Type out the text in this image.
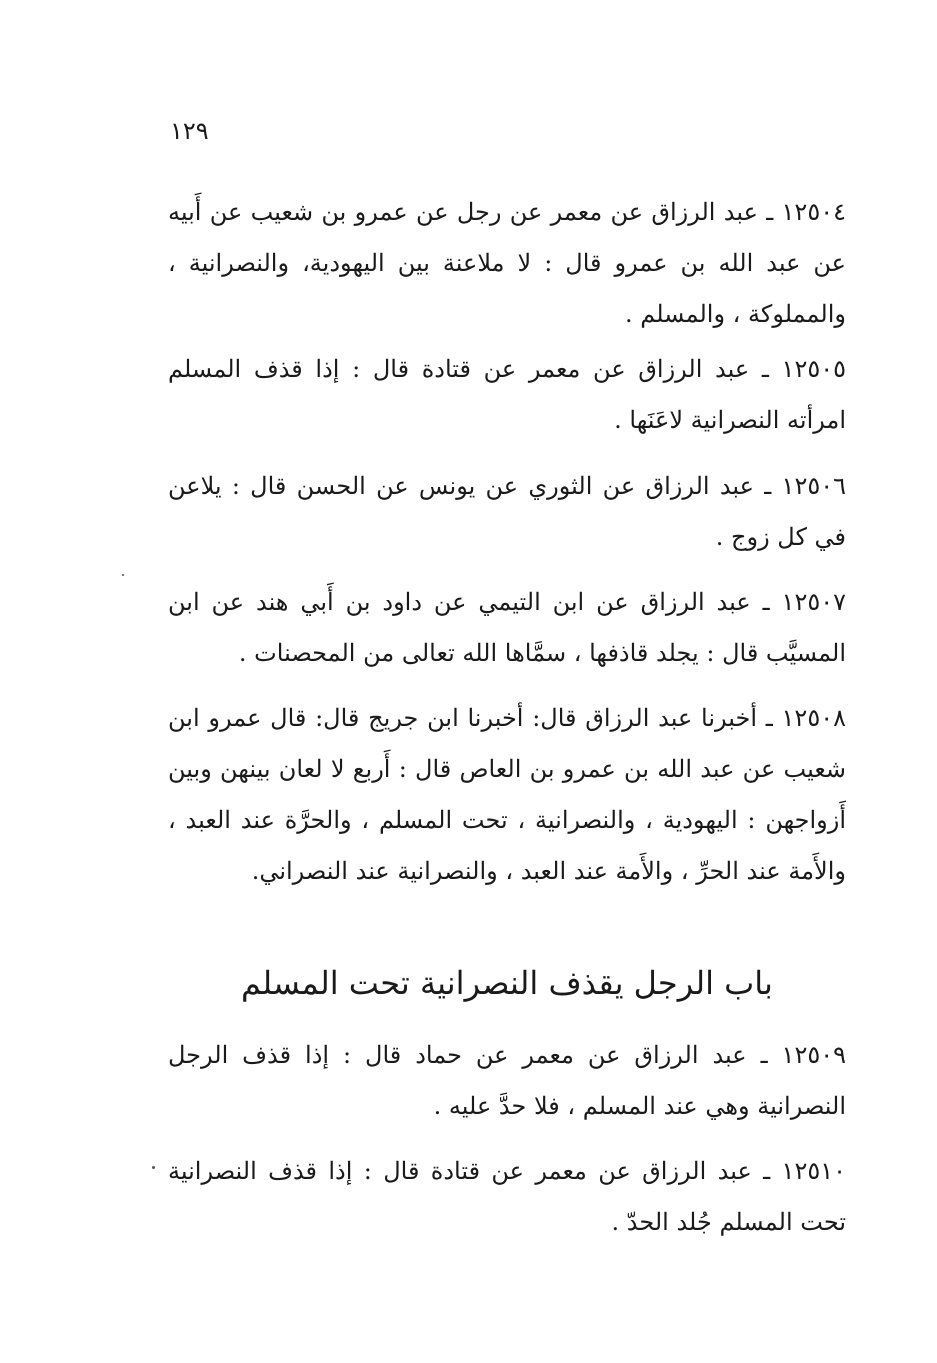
١٢٩

١٢٥٠٤ ـ عبد الرزاق عن معمر عن رجل عن عمرو بن شعيب عن أَبيه عن عبد الله بن عمرو قال : لا ملاعنة بين اليهودية، والنصرانية ، والمملوكة ، والمسلم .

١٢٥٠٥ ـ عبد الرزاق عن معمر عن قتادة قال : إذا قذف المسلم امرأته النصرانية لاعَنَها .

١٢٥٠٦ ـ عبد الرزاق عن الثوري عن يونس عن الحسن قال : يلاعن في كل زوج .

١٢٥٠٧ ـ عبد الرزاق عن ابن التيمي عن داود بن أَبي هند عن ابن المسيَّب قال : يجلد قاذفها ، سمَّاها الله تعالى من المحصنات .

١٢٥٠٨ ـ أخبرنا عبد الرزاق قال: أخبرنا ابن جريج قال: قال عمرو ابن شعيب عن عبد الله بن عمرو بن العاص قال : أَربع لا لعان بينهن وبين أَزواجهن : اليهودية ، والنصرانية ، تحت المسلم ، والحرَّة عند العبد ، والأَمة عند الحرِّ ، والأَمة عند العبد ، والنصرانية عند النصراني.

باب الرجل يقذف النصرانية تحت المسلم

١٢٥٠٩ ـ عبد الرزاق عن معمر عن حماد قال : إذا قذف الرجل النصرانية وهي عند المسلم ، فلا حدَّ عليه .

١٢٥١٠ ـ عبد الرزاق عن معمر عن قتادة قال : إذا قذف النصرانية تحت المسلم جُلد الحدّ .
